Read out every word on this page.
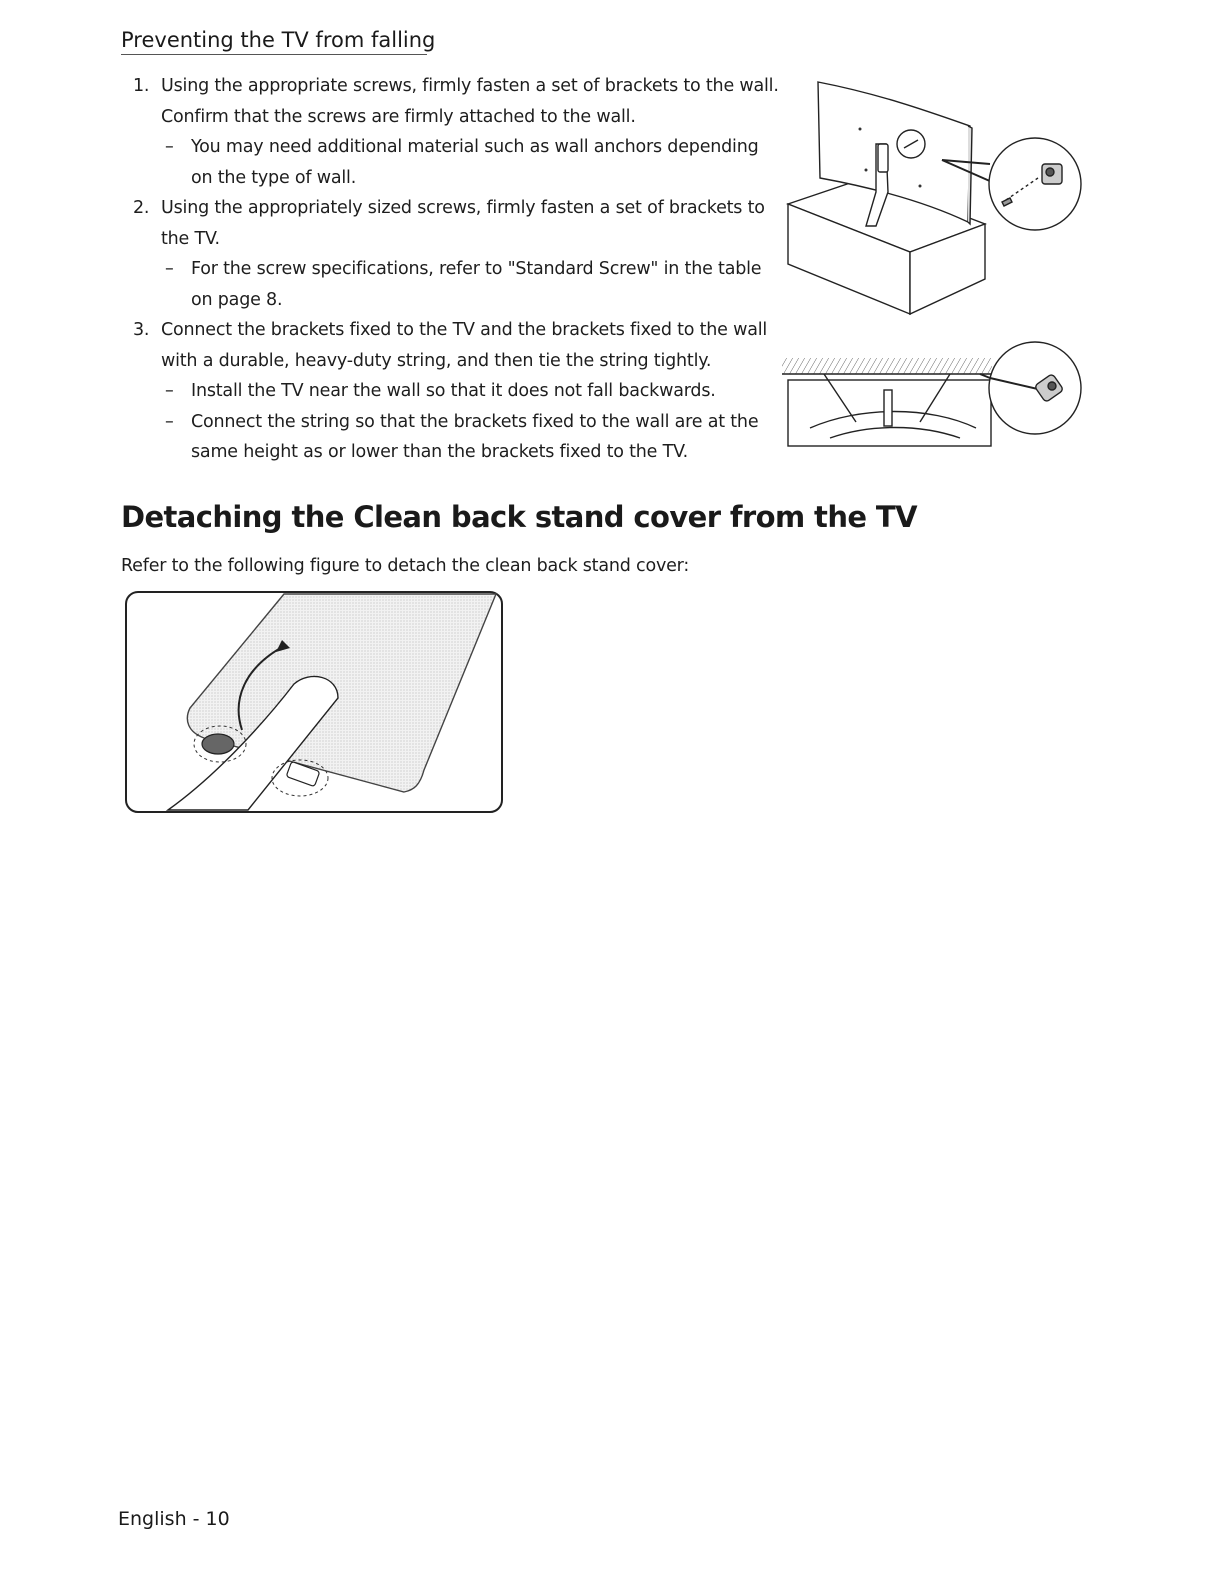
Preventing the TV from falling
1. Using the appropriate screws, firmly fasten a set of brackets to the wall. Confirm that the screws are firmly attached to the wall.
– You may need additional material such as wall anchors depending on the type of wall.
2. Using the appropriately sized screws, firmly fasten a set of brackets to the TV.
– For the screw specifications, refer to "Standard Screw" in the table on page 8.
3. Connect the brackets fixed to the TV and the brackets fixed to the wall with a durable, heavy-duty string, and then tie the string tightly.
– Install the TV near the wall so that it does not fall backwards.
– Connect the string so that the brackets fixed to the wall are at the same height as or lower than the brackets fixed to the TV.
Detaching the Clean back stand cover from the TV
Refer to the following figure to detach the clean back stand cover:
English - 10
